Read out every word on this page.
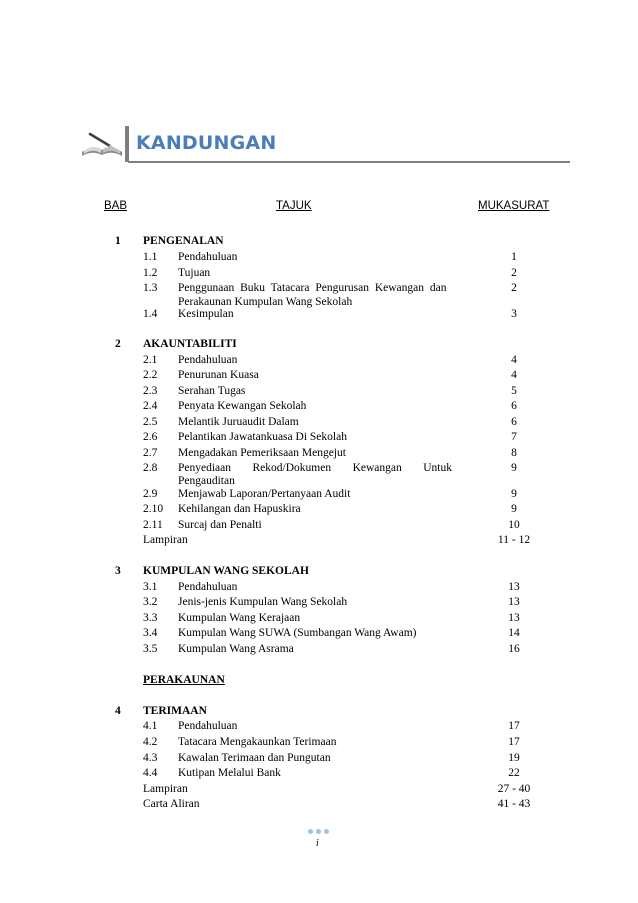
KANDUNGAN
BAB	TAJUK	MUKASURAT
1 PENGENALAN
1.1 Pendahuluan	1
1.2 Tujuan	2
1.3 Penggunaan Buku Tatacara Pengurusan Kewangan dan	2
Perakaunan Kumpulan Wang Sekolah
1.4 Kesimpulan	3
2 AKAUNTABILITI
2.1 Pendahuluan	4
2.2 Penurunan Kuasa	4
2.3 Serahan Tugas	5
2.4 Penyata Kewangan Sekolah	6
2.5 Melantik Juruaudit Dalam	6
2.6 Pelantikan Jawatankuasa Di Sekolah	7
2.7 Mengadakan Pemeriksaan Mengejut	8
2.8 Penyediaan Rekod/Dokumen Kewangan Untuk	9
Pengauditan
2.9 Menjawab Laporan/Pertanyaan Audit	9
2.10 Kehilangan dan Hapuskira	9
2.11 Surcaj dan Penalti	10
Lampiran	11 - 12
3 KUMPULAN WANG SEKOLAH
3.1 Pendahuluan	13
3.2 Jenis-jenis Kumpulan Wang Sekolah	13
3.3 Kumpulan Wang Kerajaan	13
3.4 Kumpulan Wang SUWA (Sumbangan Wang Awam)	14
3.5 Kumpulan Wang Asrama	16
PERAKAUNAN
4 TERIMAAN
4.1 Pendahuluan	17
4.2 Tatacara Mengakaunkan Terimaan	17
4.3 Kawalan Terimaan dan Pungutan	19
4.4 Kutipan Melalui Bank	22
Lampiran	27 - 40
Carta Aliran	41 - 43
i
